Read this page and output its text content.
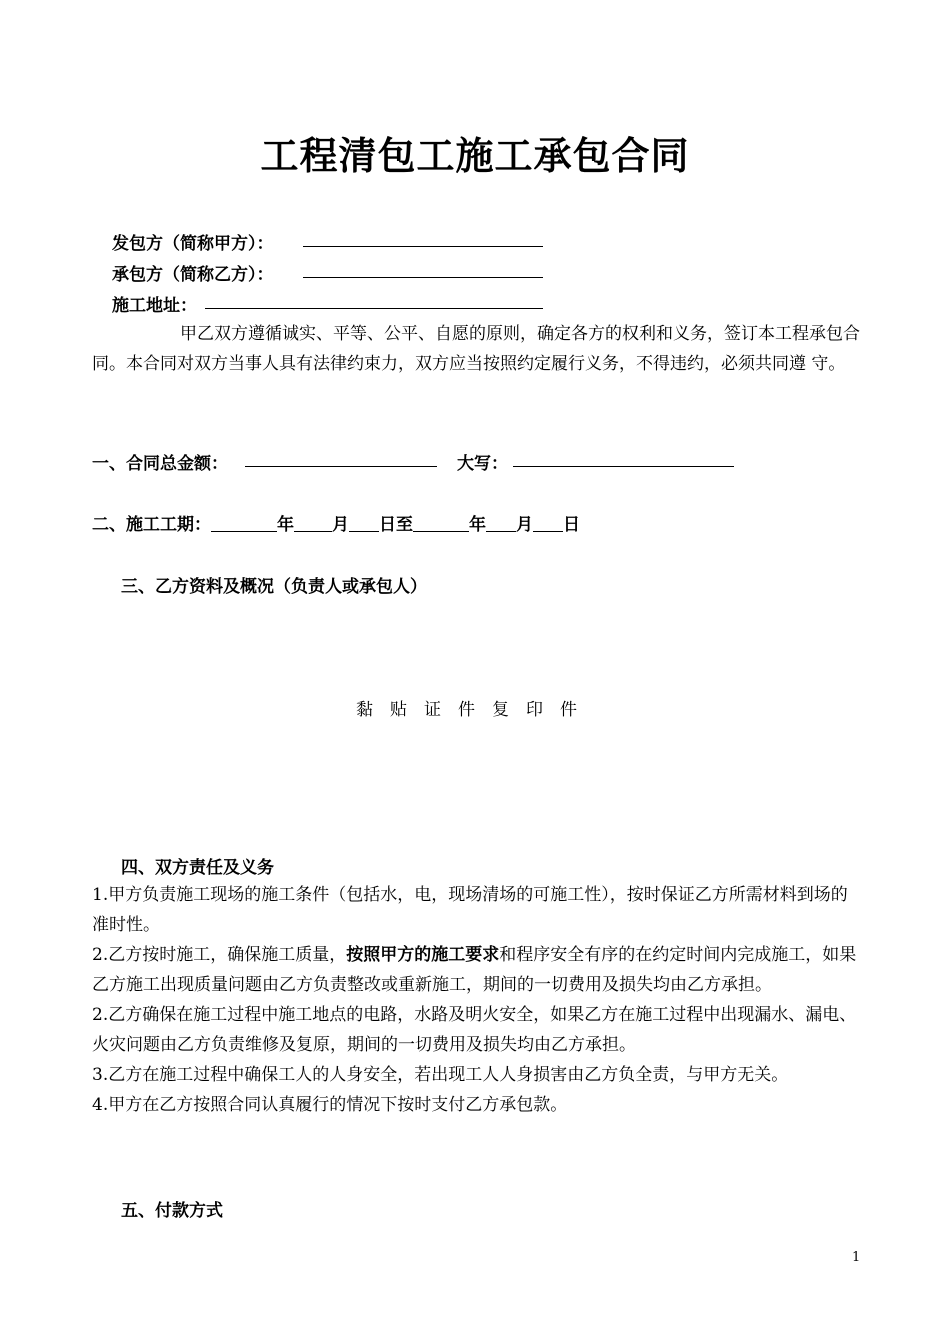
工程清包工施工承包合同
发包方（简称甲方）：
承包方（简称乙方）：
施工地址：

甲乙双方遵循诚实、平等、公平、自愿的原则，确定各方的权利和义务，签订本工程承包合同。本合同对双方当事人具有法律约束力，双方应当按照约定履行义务，不得违约，必须共同遵 守。

一、合同总金额：	大写：
二、施工工期：	年 月 日至	年 月 日
三、乙方资料及概况（负责人或承包人）
黏贴证件复印件
四、双方责任及义务

1.甲方负责施工现场的施工条件（包括水，电，现场清场的可施工性），按时保证乙方所需材料到场的准时性。

2.乙方按时施工，确保施工质量，按照甲方的施工要求和程序安全有序的在约定时间内完成施工，如果乙方施工出现质量问题由乙方负责整改或重新施工，期间的一切费用及损失均由乙方承担。

2.乙方确保在施工过程中施工地点的电路，水路及明火安全，如果乙方在施工过程中出现漏水、漏电、火灾问题由乙方负责维修及复原，期间的一切费用及损失均由乙方承担。

3.乙方在施工过程中确保工人的人身安全，若出现工人人身损害由乙方负全责，与甲方无关。

4.甲方在乙方按照合同认真履行的情况下按时支付乙方承包款。

五、付款方式
1
